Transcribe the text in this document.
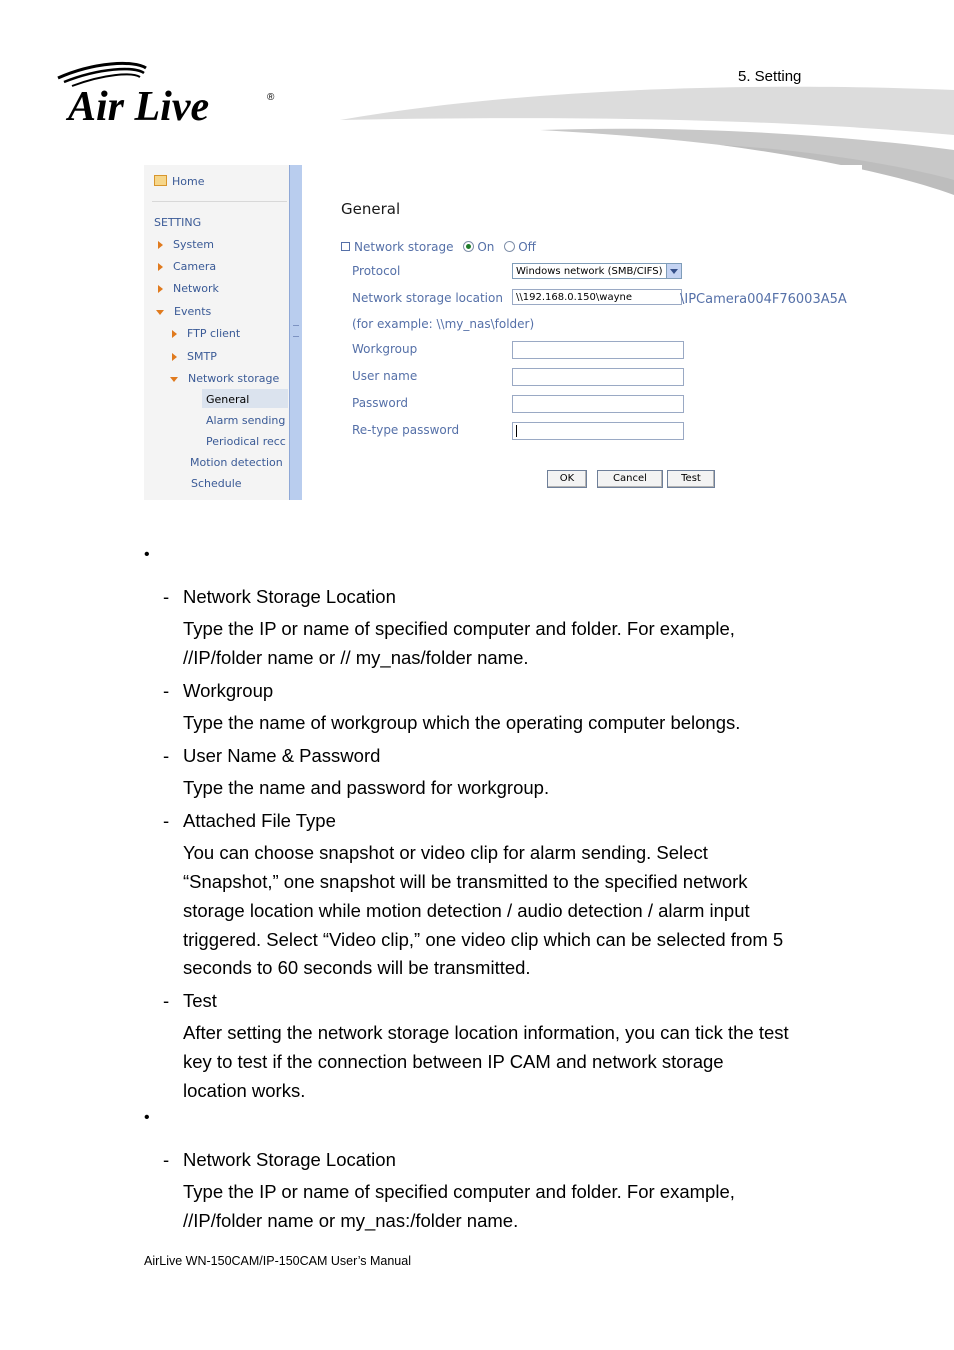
5. Setting
Air Live	®
Home
SETTING
System
Camera
Network
Events
FTP client
SMTP
Network storage
General
Alarm sending
Periodical recc
Motion detection
Schedule
General
Network storage On Off
Protocol	Windows network (SMB/CIFS)
Network storage location	\\192.168.0.150\wayne	\IPCamera004F76003A5A
(for example: \\my_nas\folder)
Workgroup
User name
Password
Re-type password
OK	Cancel	Test
•
- Network Storage Location
Type the IP or name of specified computer and folder. For example,
//IP/folder name or // my_nas/folder name.
- Workgroup
Type the name of workgroup which the operating computer belongs.
- User Name & Password
Type the name and password for workgroup.
- Attached File Type
You can choose snapshot or video clip for alarm sending. Select
“Snapshot,” one snapshot will be transmitted to the specified network
storage location while motion detection / audio detection / alarm input
triggered. Select “Video clip,” one video clip which can be selected from 5
seconds to 60 seconds will be transmitted.
- Test
After setting the network storage location information, you can tick the test
key to test if the connection between IP CAM and network storage
location works.
•
- Network Storage Location
Type the IP or name of specified computer and folder. For example,
//IP/folder name or my_nas:/folder name.
AirLive WN-150CAM/IP-150CAM User’s Manual
